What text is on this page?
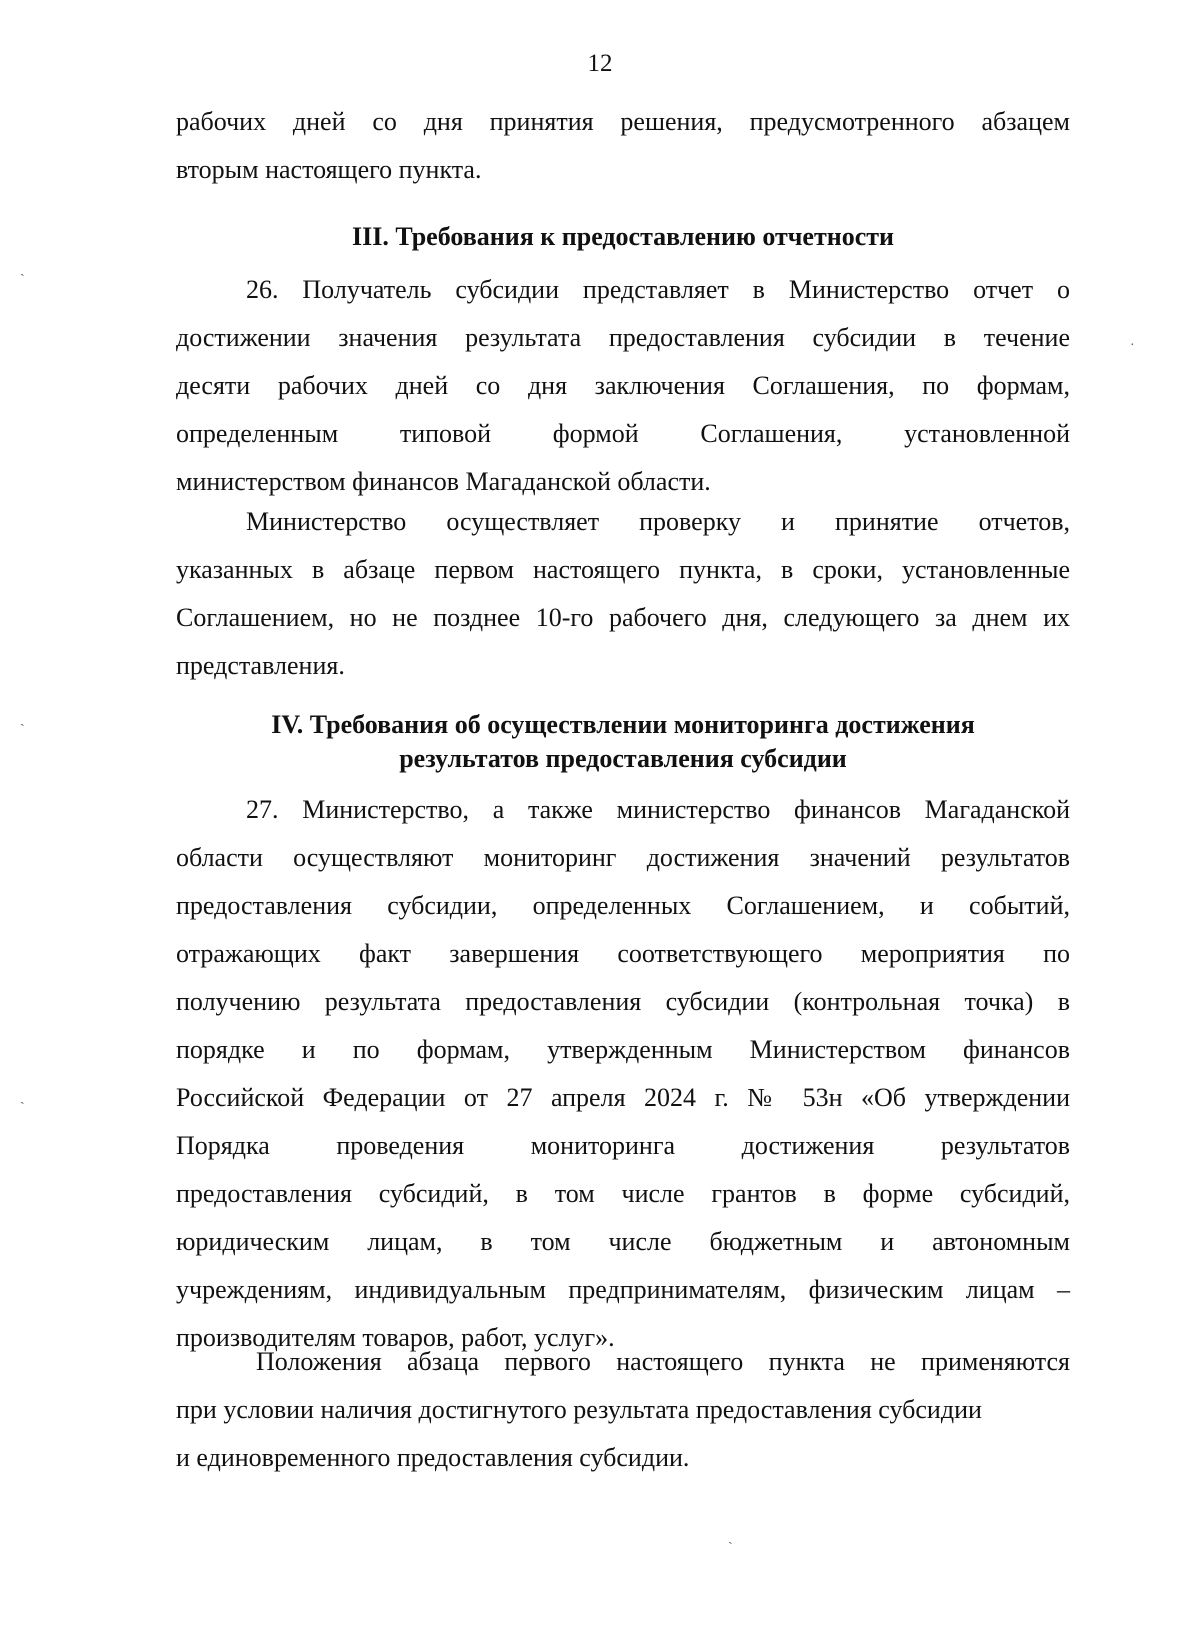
12
рабочих дней со дня принятия решения, предусмотренного абзацем
вторым настоящего пункта.
III. Требования к предоставлению отчетности
26. Получатель субсидии представляет в Министерство отчет о
достижении значения результата предоставления субсидии в течение
десяти рабочих дней со дня заключения Соглашения, по формам,
определенным типовой формой Соглашения, установленной
министерством финансов Магаданской области.
Министерство осуществляет проверку и принятие отчетов,
указанных в абзаце первом настоящего пункта, в сроки, установленные
Соглашением, но не позднее 10-го рабочего дня, следующего за днем их
представления.
IV. Требования об осуществлении мониторинга достижения
результатов предоставления субсидии
27. Министерство, а также министерство финансов Магаданской
области осуществляют мониторинг достижения значений результатов
предоставления субсидии, определенных Соглашением, и событий,
отражающих факт завершения соответствующего мероприятия по
получению результата предоставления субсидии (контрольная точка) в
порядке и по формам, утвержденным Министерством финансов
Российской Федерации от 27 апреля 2024 г. № 53н «Об утверждении
Порядка проведения мониторинга достижения результатов
предоставления субсидий, в том числе грантов в форме субсидий,
юридическим лицам, в том числе бюджетным и автономным
учреждениям, индивидуальным предпринимателям, физическим лицам –
производителям товаров, работ, услуг».
Положения абзаца первого настоящего пункта не применяются
при условии наличия достигнутого результата предоставления субсидии
и единовременного предоставления субсидии.
ˏ
·
ˏ
ˏ
ˏ
